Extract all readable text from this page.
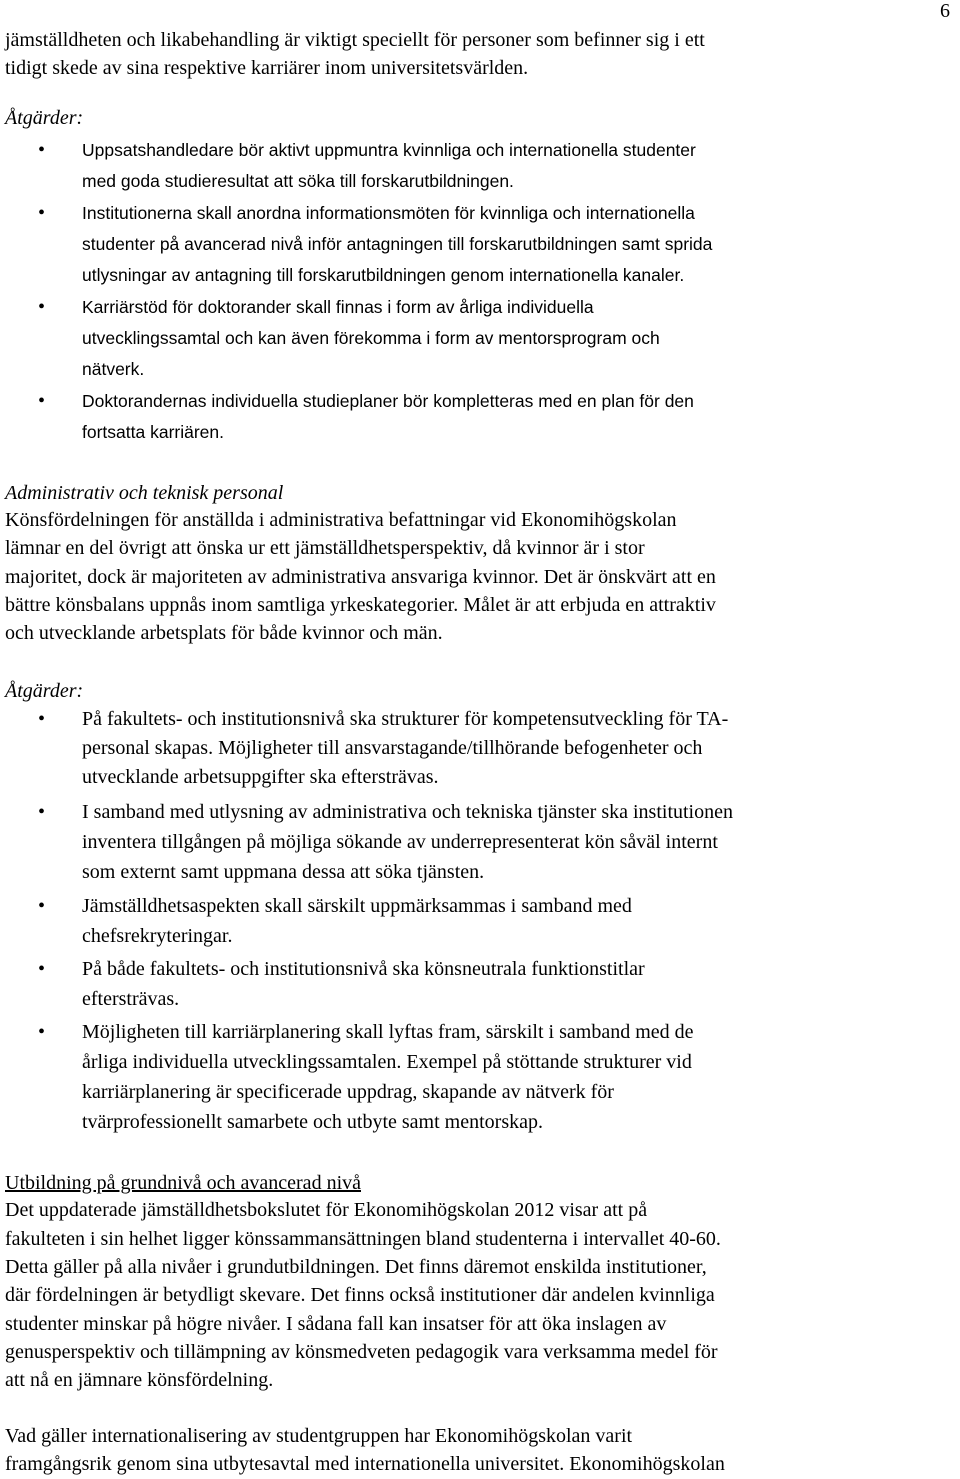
6
jämställdheten och likabehandling är viktigt speciellt för personer som befinner sig i ett
tidigt skede av sina respektive karriärer inom universitetsvärlden.
Åtgärder:
• Uppsatshandledare bör aktivt uppmuntra kvinnliga och internationella studenter
med goda studieresultat att söka till forskarutbildningen.
• Institutionerna skall anordna informationsmöten för kvinnliga och internationella
studenter på avancerad nivå inför antagningen till forskarutbildningen samt sprida
utlysningar av antagning till forskarutbildningen genom internationella kanaler.
• Karriärstöd för doktorander skall finnas i form av årliga individuella
utvecklingssamtal och kan även förekomma i form av mentorsprogram och
nätverk.
• Doktorandernas individuella studieplaner bör kompletteras med en plan för den
fortsatta karriären.
Administrativ och teknisk personal
Könsfördelningen för anställda i administrativa befattningar vid Ekonomihögskolan
lämnar en del övrigt att önska ur ett jämställdhetsperspektiv, då kvinnor är i stor
majoritet, dock är majoriteten av administrativa ansvariga kvinnor. Det är önskvärt att en
bättre könsbalans uppnås inom samtliga yrkeskategorier. Målet är att erbjuda en attraktiv
och utvecklande arbetsplats för både kvinnor och män.
Åtgärder:
• På fakultets- och institutionsnivå ska strukturer för kompetensutveckling för TA-
personal skapas. Möjligheter till ansvarstagande/tillhörande befogenheter och
utvecklande arbetsuppgifter ska eftersträvas.
• I samband med utlysning av administrativa och tekniska tjänster ska institutionen
inventera tillgången på möjliga sökande av underrepresenterat kön såväl internt
som externt samt uppmana dessa att söka tjänsten.
• Jämställdhetsaspekten skall särskilt uppmärksammas i samband med
chefsrekryteringar.
• På både fakultets- och institutionsnivå ska könsneutrala funktionstitlar
eftersträvas.
• Möjligheten till karriärplanering skall lyftas fram, särskilt i samband med de
årliga individuella utvecklingssamtalen. Exempel på stöttande strukturer vid
karriärplanering är specificerade uppdrag, skapande av nätverk för
tvärprofessionellt samarbete och utbyte samt mentorskap.
Utbildning på grundnivå och avancerad nivå
Det uppdaterade jämställdhetsbokslutet för Ekonomihögskolan 2012 visar att på
fakulteten i sin helhet ligger könssammansättningen bland studenterna i intervallet 40-60.
Detta gäller på alla nivåer i grundutbildningen. Det finns däremot enskilda institutioner,
där fördelningen är betydligt skevare. Det finns också institutioner där andelen kvinnliga
studenter minskar på högre nivåer. I sådana fall kan insatser för att öka inslagen av
genusperspektiv och tillämpning av könsmedveten pedagogik vara verksamma medel för
att nå en jämnare könsfördelning.
Vad gäller internationalisering av studentgruppen har Ekonomihögskolan varit
framgångsrik genom sina utbytesavtal med internationella universitet. Ekonomihögskolan
